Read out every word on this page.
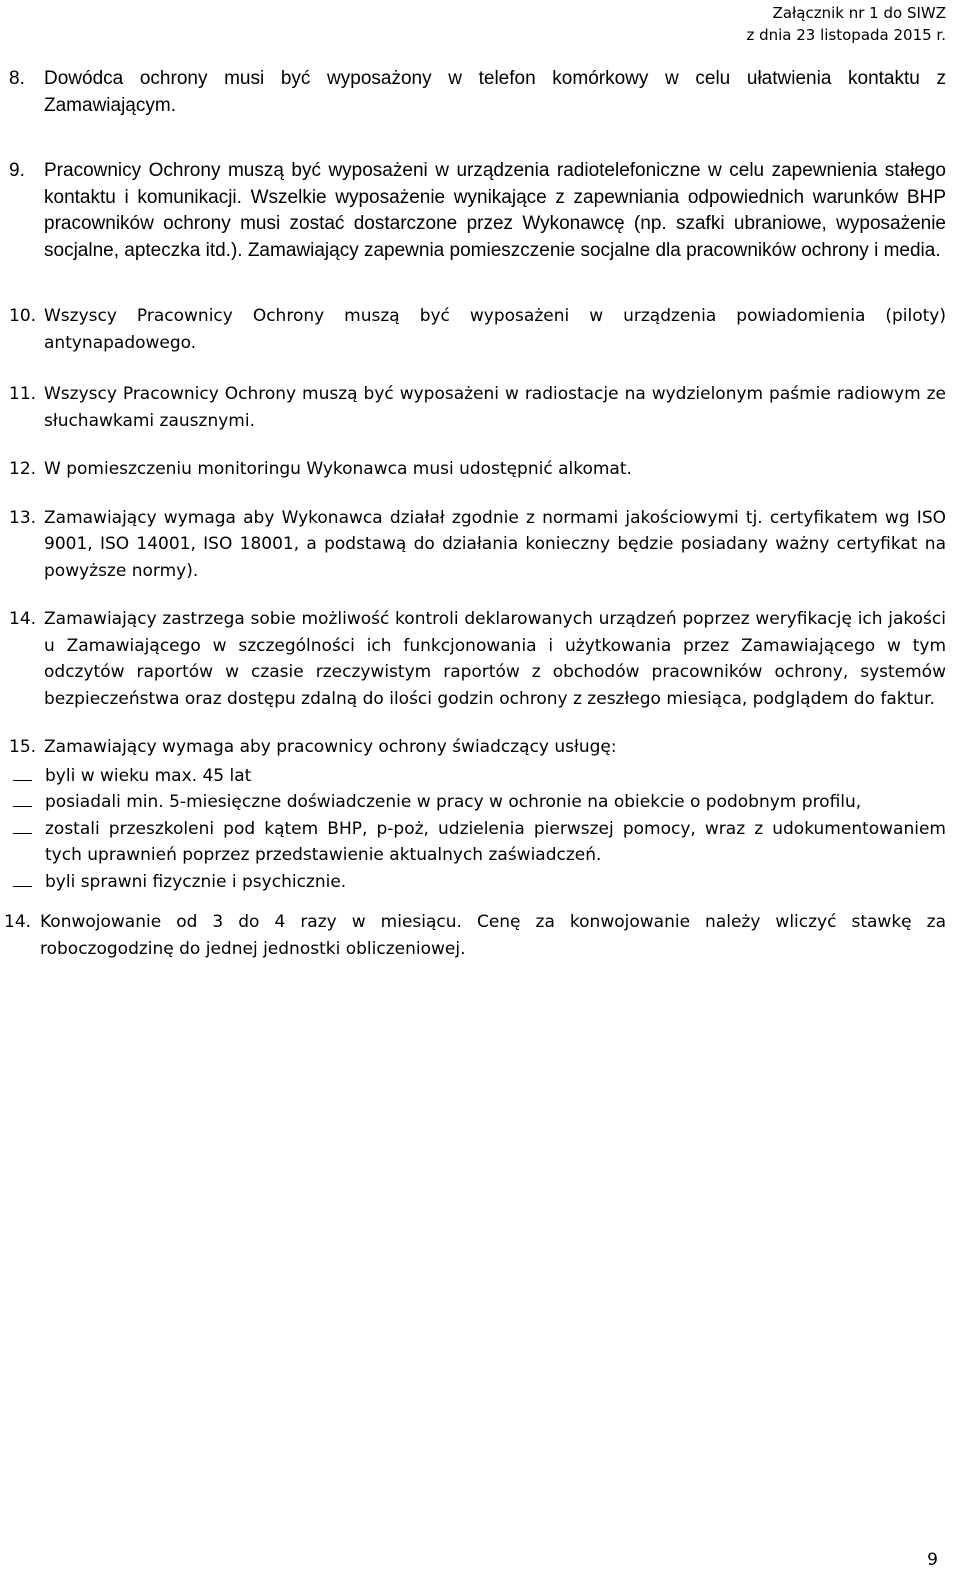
Załącznik nr 1 do SIWZ
z dnia 23 listopada 2015 r.
8. Dowódca ochrony musi być wyposażony w telefon komórkowy w celu ułatwienia kontaktu z Zamawiającym.
9. Pracownicy Ochrony muszą być wyposażeni w urządzenia radiotelefoniczne w celu zapewnienia stałego kontaktu i komunikacji. Wszelkie wyposażenie wynikające z zapewniania odpowiednich warunków BHP pracowników ochrony musi zostać dostarczone przez Wykonawcę (np. szafki ubraniowe, wyposażenie socjalne, apteczka itd.). Zamawiający zapewnia pomieszczenie socjalne dla pracowników ochrony i media.
10. Wszyscy Pracownicy Ochrony muszą być wyposażeni w urządzenia powiadomienia (piloty) antynapadowego.
11. Wszyscy Pracownicy Ochrony muszą być wyposażeni w radiostacje na wydzielonym paśmie radiowym ze słuchawkami zausznymi.
12. W pomieszczeniu monitoringu Wykonawca musi udostępnić alkomat.
13. Zamawiający wymaga aby Wykonawca działał zgodnie z normami jakościowymi tj. certyfikatem wg ISO 9001, ISO 14001, ISO 18001, a podstawą do działania konieczny będzie posiadany ważny certyfikat na powyższe normy).
14. Zamawiający zastrzega sobie możliwość kontroli deklarowanych urządzeń poprzez weryfikację ich jakości u Zamawiającego w szczególności ich funkcjonowania i użytkowania przez Zamawiającego w tym odczytów raportów w czasie rzeczywistym raportów z obchodów pracowników ochrony, systemów bezpieczeństwa oraz dostępu zdalną do ilości godzin ochrony z zeszłego miesiąca, podglądem do faktur.
15. Zamawiający wymaga aby pracownicy ochrony świadczący usługę:
byli w wieku max. 45 lat
posiadali min. 5-miesięczne doświadczenie w pracy w ochronie na obiekcie o podobnym profilu,
zostali przeszkoleni pod kątem BHP, p-poż, udzielenia pierwszej pomocy, wraz z udokumentowaniem tych uprawnień poprzez przedstawienie aktualnych zaświadczeń.
byli sprawni fizycznie i psychicznie.
14. Konwojowanie od 3 do 4 razy w miesiącu. Cenę za konwojowanie należy wliczyć stawkę za roboczogodzinę do jednej jednostki obliczeniowej.
9
